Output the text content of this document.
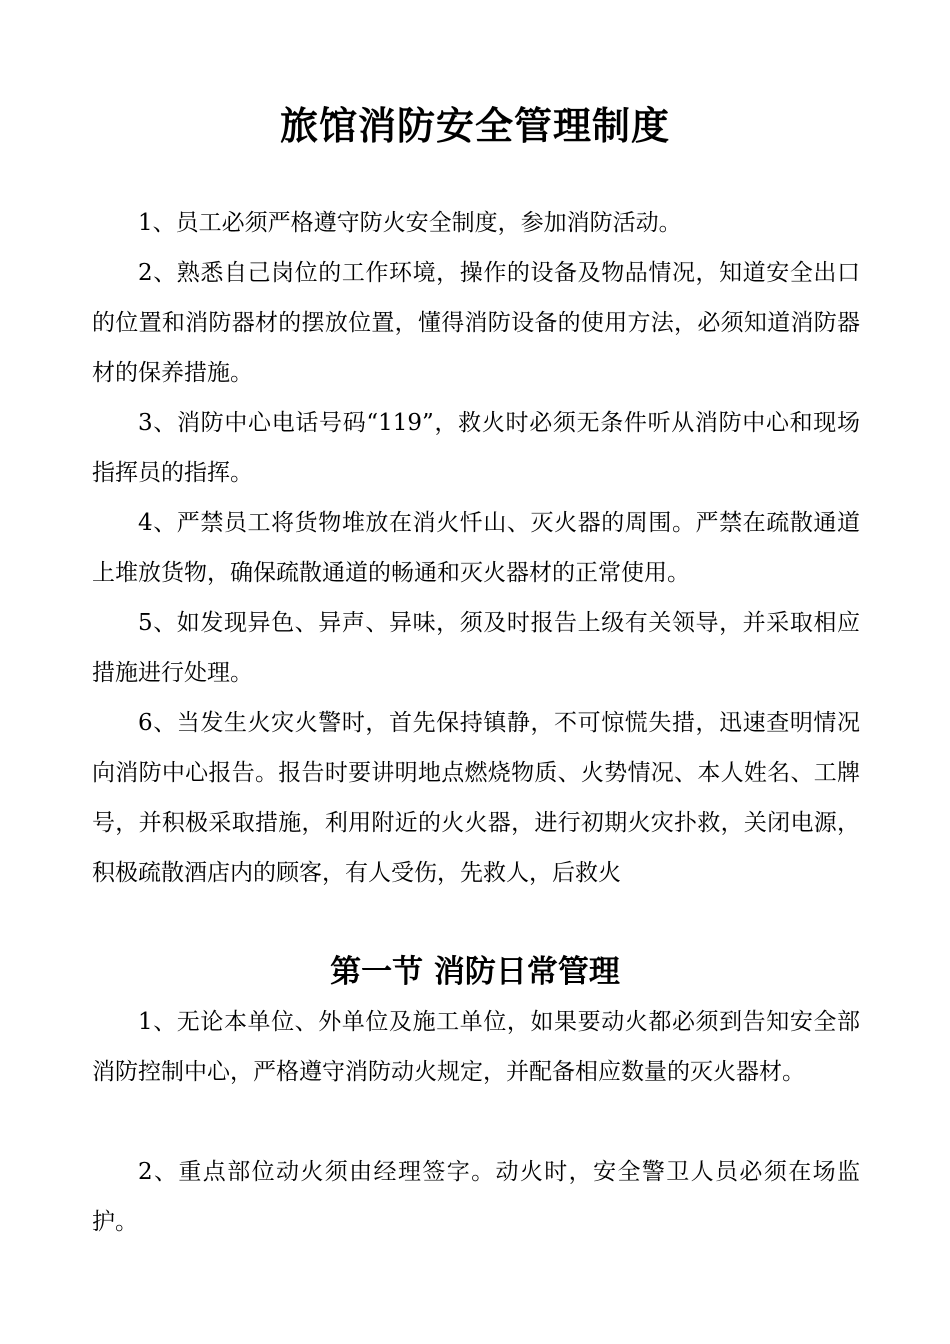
旅馆消防安全管理制度

1、员工必须严格遵守防火安全制度，参加消防活动。

2、熟悉自己岗位的工作环境，操作的设备及物品情况，知道安全出口的位置和消防器材的摆放位置，懂得消防设备的使用方法，必须知道消防器材的保养措施。

3、消防中心电话号码“119”，救火时必须无条件听从消防中心和现场指挥员的指挥。

4、严禁员工将货物堆放在消火忏山、灭火器的周围。严禁在疏散通道上堆放货物，确保疏散通道的畅通和灭火器材的正常使用。

5、如发现异色、异声、异味，须及时报告上级有关领导，并采取相应措施进行处理。

6、当发生火灾火警时，首先保持镇静，不可惊慌失措，迅速查明情况向消防中心报告。报告时要讲明地点燃烧物质、火势情况、本人姓名、工牌号，并积极采取措施，利用附近的火火器，进行初期火灾扑救，关闭电源，积极疏散酒店内的顾客，有人受伤，先救人，后救火

第一节 消防日常管理

1、无论本单位、外单位及施工单位，如果要动火都必须到告知安全部消防控制中心，严格遵守消防动火规定，并配备相应数量的灭火器材。

2、重点部位动火须由经理签字。动火时，安全警卫人员必须在场监护。
